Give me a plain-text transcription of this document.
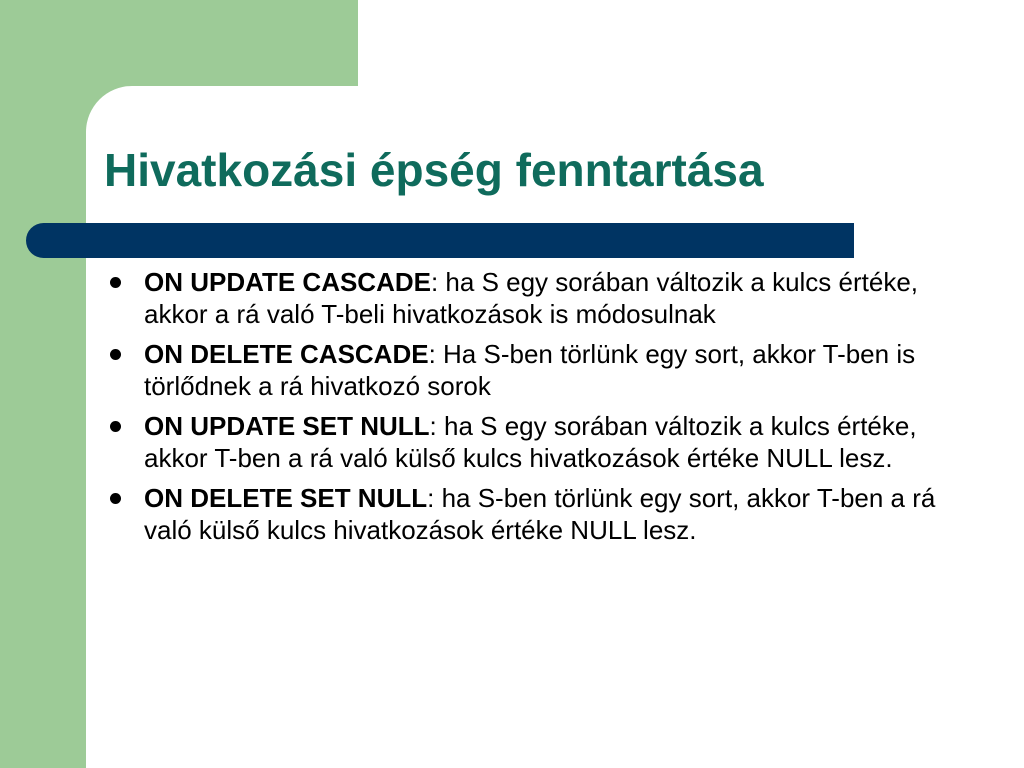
Hivatkozási épség fenntartása
ON UPDATE CASCADE: ha S egy sorában változik a kulcs értéke, akkor a rá való T-beli hivatkozások is módosulnak
ON DELETE CASCADE: Ha S-ben törlünk egy sort, akkor T-ben is törlődnek a rá hivatkozó sorok
ON UPDATE SET NULL: ha S egy sorában változik a kulcs értéke, akkor T-ben a rá való külső kulcs hivatkozások értéke NULL lesz.
ON DELETE SET NULL: ha S-ben törlünk egy sort, akkor T-ben a rá való külső kulcs hivatkozások értéke NULL lesz.
